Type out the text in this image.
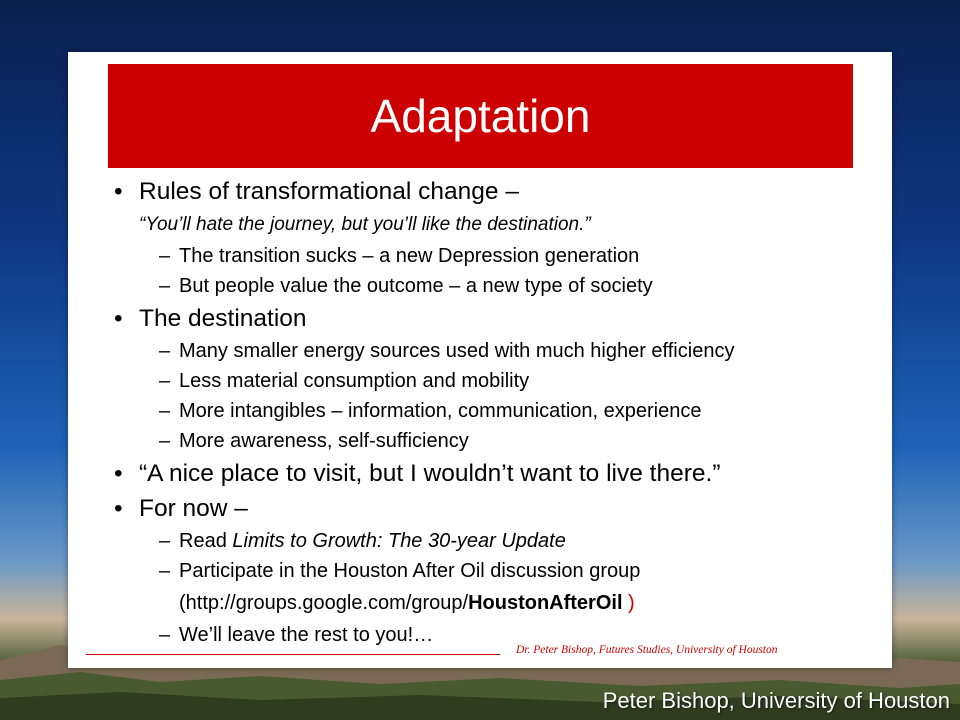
Adaptation
• Rules of transformational change –
“You’ll hate the journey, but you’ll like the destination.”
– The transition sucks – a new Depression generation
– But people value the outcome – a new type of society
• The destination
– Many smaller energy sources used with much higher efficiency
– Less material consumption and mobility
– More intangibles – information, communication, experience
– More awareness, self-sufficiency
• “A nice place to visit, but I wouldn’t want to live there.”
• For now –
– Read Limits to Growth: The 30-year Update
– Participate in the Houston After Oil discussion group
(http://groups.google.com/group/HoustonAfterOil )
– We’ll leave the rest to you!…
Dr. Peter Bishop, Futures Studies, University of Houston
Peter Bishop, University of Houston
